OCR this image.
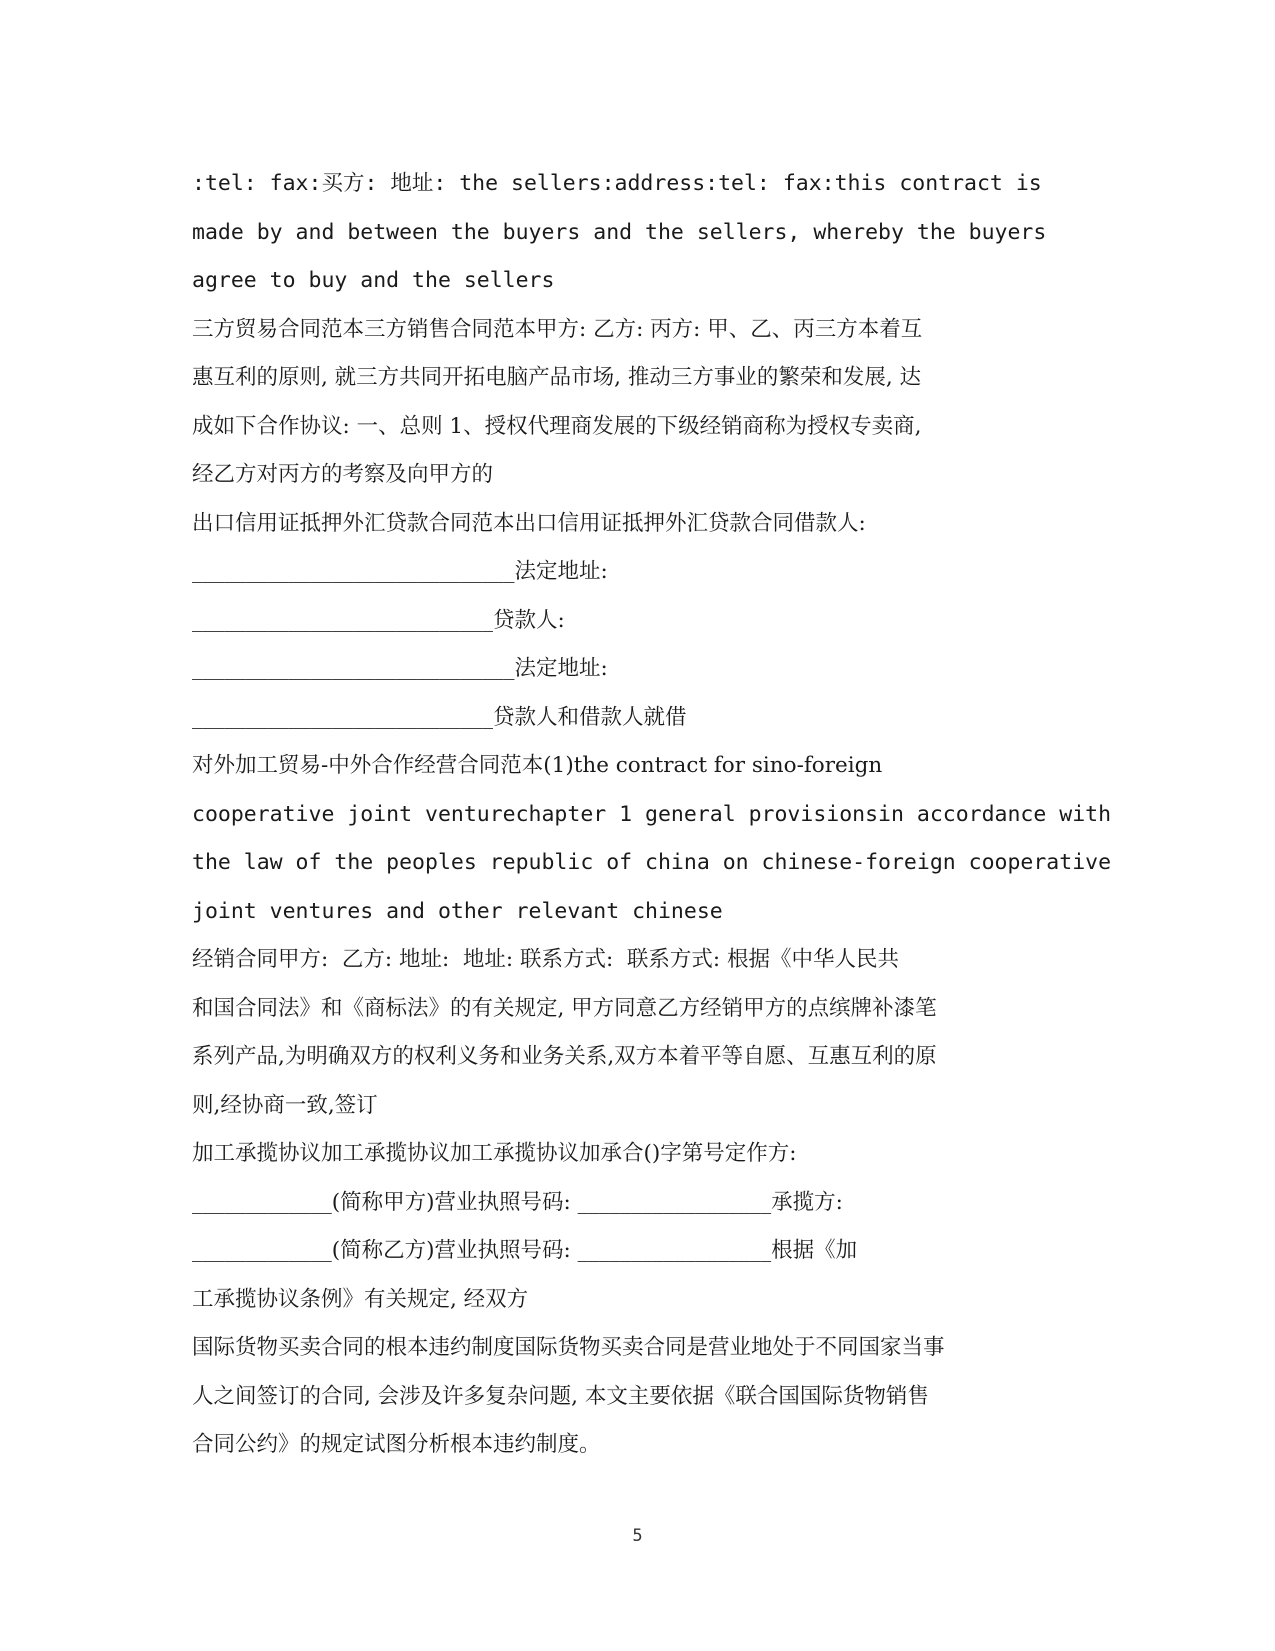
:tel: fax:买方: 地址: the sellers:address:tel: fax:this contract is
made by and between the buyers and the sellers, whereby the buyers
agree to buy and the sellers
三方贸易合同范本三方销售合同范本甲方: 乙方: 丙方: 甲、乙、丙三方本着互
惠互利的原则, 就三方共同开拓电脑产品市场, 推动三方事业的繁荣和发展, 达
成如下合作协议: 一、总则 1、授权代理商发展的下级经销商称为授权专卖商,
经乙方对丙方的考察及向甲方的
出口信用证抵押外汇贷款合同范本出口信用证抵押外汇贷款合同借款人:
______________________________法定地址:
____________________________贷款人:
______________________________法定地址:
____________________________贷款人和借款人就借
对外加工贸易-中外合作经营合同范本(1)the contract for sino-foreign
cooperative joint venturechapter 1 general provisionsin accordance with
the law of the peoples republic of china on chinese-foreign cooperative
joint ventures and other relevant chinese
经销合同甲方:  乙方: 地址:  地址: 联系方式:  联系方式: 根据《中华人民共
和国合同法》和《商标法》的有关规定, 甲方同意乙方经销甲方的点缤牌补漆笔
系列产品,为明确双方的权利义务和业务关系,双方本着平等自愿、互惠互利的原
则,经协商一致,签订
加工承揽协议加工承揽协议加工承揽协议加承合()字第号定作方:
_____________(简称甲方)营业执照号码: __________________承揽方:
_____________(简称乙方)营业执照号码: __________________根据《加
工承揽协议条例》有关规定, 经双方
国际货物买卖合同的根本违约制度国际货物买卖合同是营业地处于不同国家当事
人之间签订的合同, 会涉及许多复杂问题, 本文主要依据《联合国国际货物销售
合同公约》的规定试图分析根本违约制度。
5
